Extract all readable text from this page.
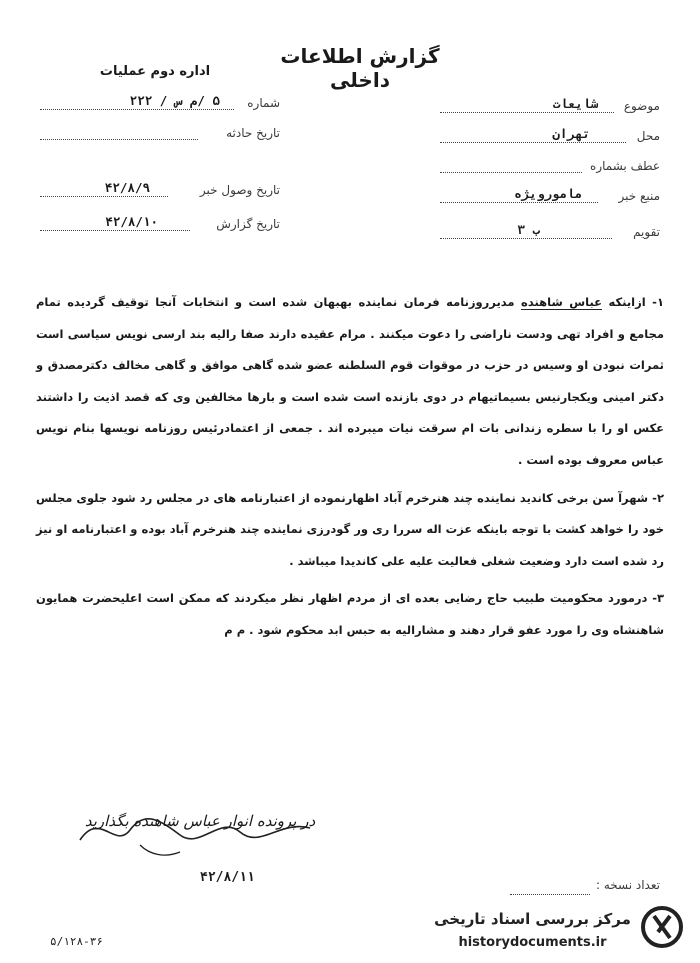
گزارش اطلاعات داخلی
اداره دوم عملیات
موضوع
شایعات
محل
تهران
عطف بشماره
منبع خبر
مامورویژه
تقویم
ب ۳
شماره
۵ /م س / ۲۲۲
تاریخ حادثه
تاریخ وصول خبر
۴۲/۸/۹
تاریخ گزارش
۴۲/۸/۱۰

۱- ازاینکه عباس شاهنده مدیرروزنامه فرمان نماینده بهبهان شده است و انتخابات آنجا توقیف گردیده تمام مجامع و افراد تهی ودست ناراضی را دعوت میکنند . مرام عقیده دارند صفا رالیه بند ارسی نویس سیاسی است ثمرات نبودن او وسیس در حزب در موقوات قوم السلطنه عضو شده گاهی موافق و گاهی مخالف دکترمصدق و دکتر امینی ویکجارنیس بسیماتیهام در دوی بازنده است شده است و بارها مخالفین وی که قصد اذیت را داشتند عکس او را با سطره زندانی بات ام سرقت نیات میبرده اند . جمعی از اعتمادرئیس روزنامه نویسها بنام نویس عباس معروف بوده است .

۲- شهرآ سن برخی کاندید نماینده چند هنرخرم آباد اظهارنموده از اعتبارنامه های در مجلس رد شود جلوی مجلس خود را خواهد کشت با توجه باینکه عزت اله سررا ری ور گودرزی نماینده چند هنرخرم آباد بوده و اعتبارنامه او نیز رد شده است دارد وضعیت شغلی فعالیت علیه علی کاندیدا میباشد .

۳- درمورد محکومیت طبیب حاج رضایی بعده ای از مردم اظهار نظر میکردند که ممکن است اعلیحضرت همایون شاهنشاه وی را مورد عفو قرار دهند و مشارالیه به حبس ابد محکوم شود . م م

در پرونده انوار عباس شاهنده بگذارید
۴۲/۸/۱۱	تعداد نسخه :
۵/۱۲۸-۳۶
مرکز بررسی اسناد تاریخی
historydocuments.ir
